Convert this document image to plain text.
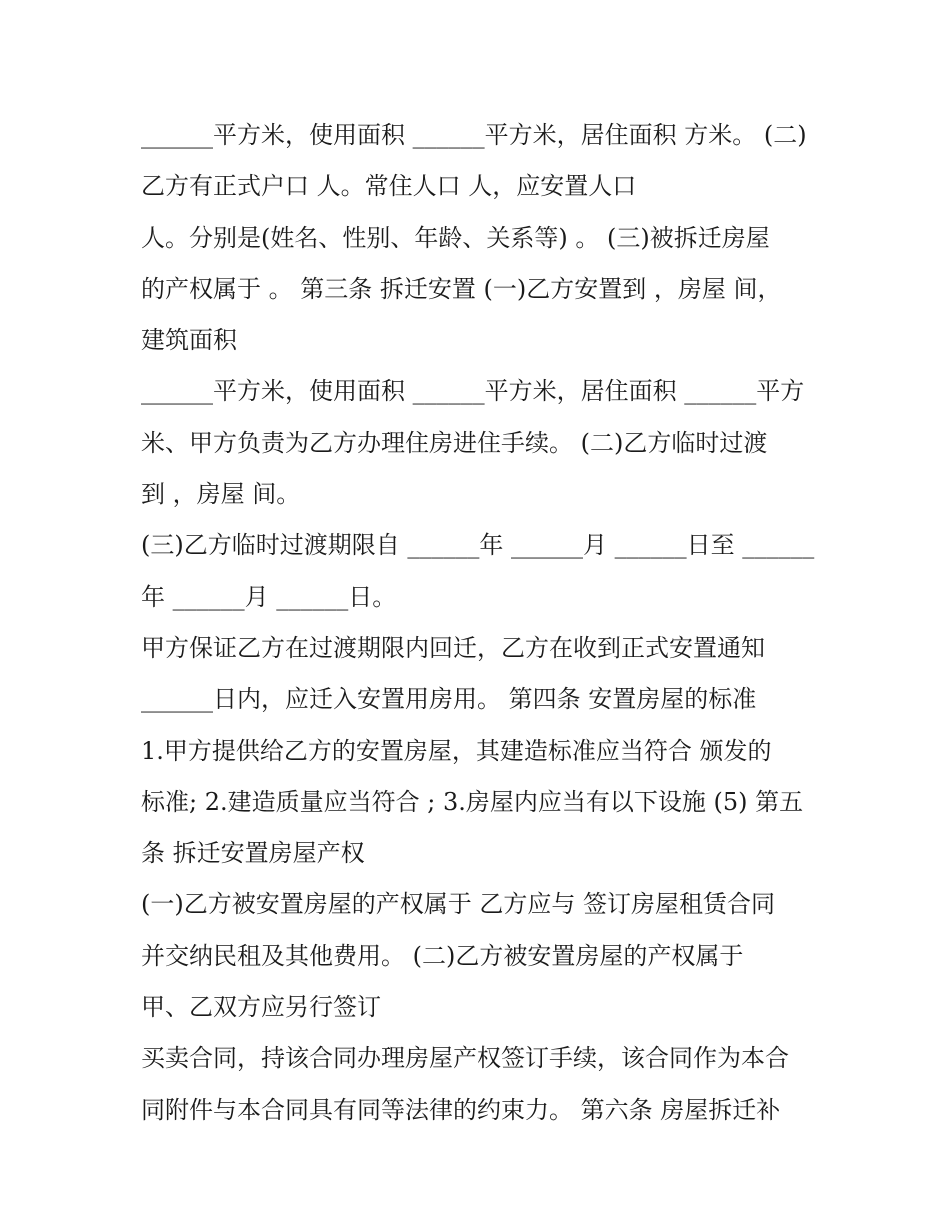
______平方米，使用面积 ______平方米，居住面积 方米。 (二)
乙方有正式户口 人。常住人口 人，应安置人口
人。分别是(姓名、性别、年龄、关系等) 。 (三)被拆迁房屋
的产权属于 。 第三条 拆迁安置 (一)乙方安置到 ，房屋 间，
建筑面积
______平方米，使用面积 ______平方米，居住面积 ______平方
米、甲方负责为乙方办理住房进住手续。 (二)乙方临时过渡
到 ，房屋 间。
(三)乙方临时过渡期限自 ______年 ______月 ______日至 ______
年 ______月 ______日。
甲方保证乙方在过渡期限内回迁，乙方在收到正式安置通知
______日内，应迁入安置用房用。 第四条 安置房屋的标准
1.甲方提供给乙方的安置房屋，其建造标准应当符合 颁发的
标准; 2.建造质量应当符合 ; 3.房屋内应当有以下设施 (5) 第五
条 拆迁安置房屋产权
(一)乙方被安置房屋的产权属于 乙方应与 签订房屋租赁合同
并交纳民租及其他费用。 (二)乙方被安置房屋的产权属于
甲、乙双方应另行签订
买卖合同，持该合同办理房屋产权签订手续，该合同作为本合
同附件与本合同具有同等法律的约束力。 第六条 房屋拆迁补
